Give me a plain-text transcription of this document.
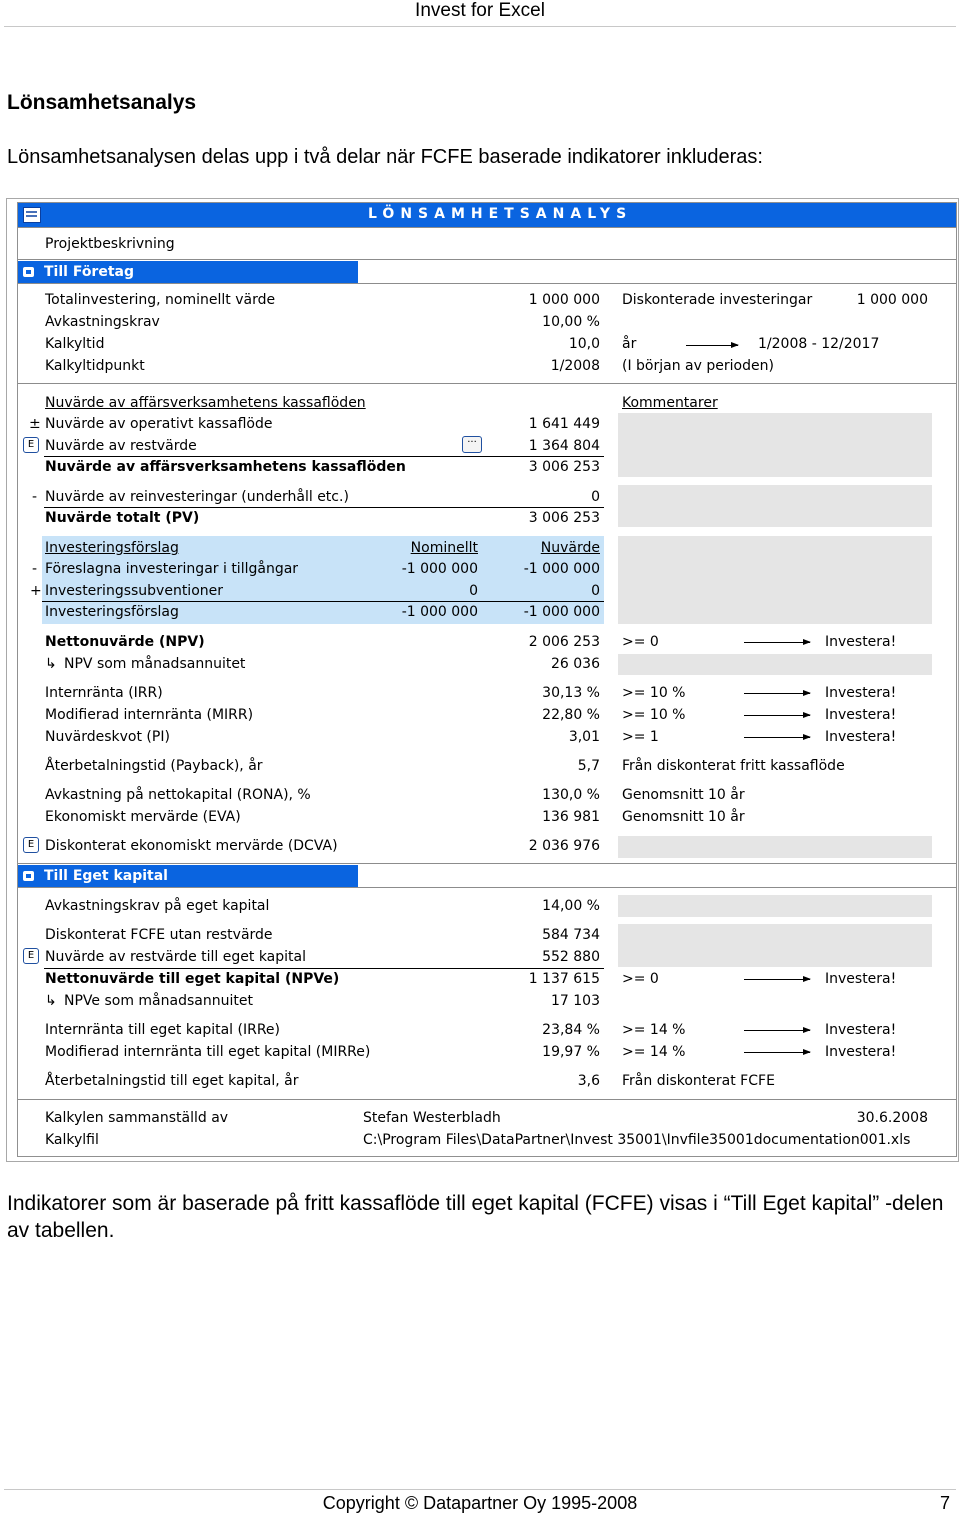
Invest for Excel
Lönsamhetsanalys
Lönsamhetsanalysen delas upp i två delar när FCFE baserade indikatorer inkluderas:
LÖNSAMHETSANALYS
Projektbeskrivning
Till Företag
Totalinvestering, nominellt värde	1 000 000 Diskonterade investeringar	1 000 000
Avkastningskrav	10,00 %
Kalkyltid	10,0 år	1/2008 - 12/2017
Kalkyltidpunkt	1/2008 (I början av perioden)
Nuvärde av affärsverksamhetens kassaflöden	Kommentarer
± Nuvärde av operativt kassaflöde	1 641 449
E Nuvärde av restvärde	···	1 364 804
Nuvärde av affärsverksamhetens kassaflöden	3 006 253
- Nuvärde av reinvesteringar (underhåll etc.)	0
Nuvärde totalt (PV)	3 006 253
Investeringsförslag	Nominellt	Nuvärde
- Föreslagna investeringar i tillgångar	-1 000 000	-1 000 000
+ Investeringssubventioner	0	0
Investeringsförslag	-1 000 000	-1 000 000
Nettonuvärde (NPV)	2 006 253 >= 0	Investera!
↳ NPV som månadsannuitet	26 036
Internränta (IRR)	30,13 % >= 10 %	Investera!
Modifierad internränta (MIRR)	22,80 % >= 10 %	Investera!
Nuvärdeskvot (PI)	3,01 >= 1	Investera!
Återbetalningstid (Payback), år	5,7 Från diskonterat fritt kassaflöde
Avkastning på nettokapital (RONA), %	130,0 % Genomsnitt 10 år
Ekonomiskt mervärde (EVA)	136 981 Genomsnitt 10 år
E Diskonterat ekonomiskt mervärde (DCVA)	2 036 976
Till Eget kapital
Avkastningskrav på eget kapital	14,00 %
Diskonterat FCFE utan restvärde	584 734
E Nuvärde av restvärde till eget kapital	552 880
Nettonuvärde till eget kapital (NPVe)	1 137 615 >= 0	Investera!
↳ NPVe som månadsannuitet	17 103
Internränta till eget kapital (IRRe)	23,84 % >= 14 %	Investera!
Modifierad internränta till eget kapital (MIRRe)	19,97 % >= 14 %	Investera!
Återbetalningstid till eget kapital, år	3,6 Från diskonterat FCFE
Kalkylen sammanställd av	Stefan Westerbladh	30.6.2008
Kalkylfil	C:\Program Files\DataPartner\Invest 35001\Invfile35001documentation001.xls
Indikatorer som är baserade på fritt kassaflöde till eget kapital (FCFE) visas i “Till Eget kapital” -delen av tabellen.
Copyright © Datapartner Oy 1995-2008	7
